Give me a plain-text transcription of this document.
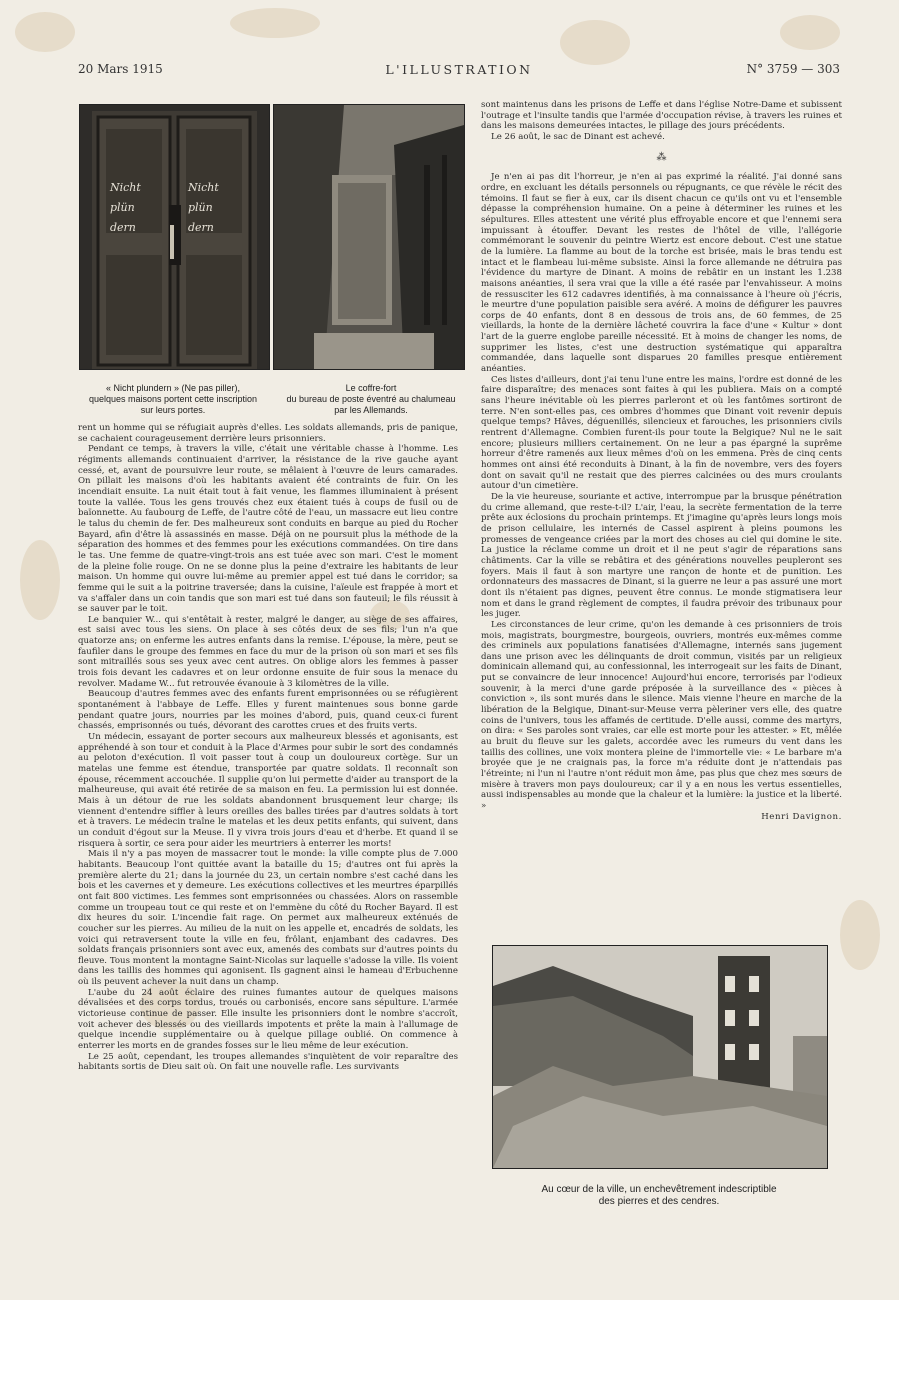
20 Mars 1915	L'ILLUSTRATION	N° 3759 — 303
Nicht
plün
dern
Nicht
plün
dern
« Nicht plundern » (Ne pas piller),
quelques maisons portent cette inscription
sur leurs portes.
Le coffre-fort
du bureau de poste éventré au chalumeau
par les Allemands.

rent un homme qui se réfugiait auprès d'elles. Les soldats allemands, pris de panique, se cachaient courageusement derrière leurs prisonniers.

Pendant ce temps, à travers la ville, c'était une véritable chasse à l'homme. Les régiments allemands continuaient d'arriver, la résistance de la rive gauche ayant cessé, et, avant de poursuivre leur route, se mêlaient à l'œuvre de leurs camarades. On pillait les maisons d'où les habitants avaient été contraints de fuir. On les incendiait ensuite. La nuit était tout à fait venue, les flammes illuminaient à présent toute la vallée. Tous les gens trouvés chez eux étaient tués à coups de fusil ou de baïonnette. Au faubourg de Leffe, de l'autre côté de l'eau, un massacre eut lieu contre le talus du chemin de fer. Des malheureux sont conduits en barque au pied du Rocher Bayard, afin d'être là assassinés en masse. Déjà on ne poursuit plus la méthode de la séparation des hommes et des femmes pour les exécutions commandées. On tire dans le tas. Une femme de quatre-vingt-trois ans est tuée avec son mari. C'est le moment de la pleine folie rouge. On ne se donne plus la peine d'extraire les habitants de leur maison. Un homme qui ouvre lui-même au premier appel est tué dans le corridor; sa femme qui le suit a la poitrine traversée; dans la cuisine, l'aïeule est frappée à mort et va s'affaler dans un coin tandis que son mari est tué dans son fauteuil; le fils réussit à se sauver par le toit.

Le banquier W... qui s'entêtait à rester, malgré le danger, au siège de ses affaires, est saisi avec tous les siens. On place à ses côtés deux de ses fils; l'un n'a que quatorze ans; on enferme les autres enfants dans la remise. L'épouse, la mère, peut se faufiler dans le groupe des femmes en face du mur de la prison où son mari et ses fils sont mitraillés sous ses yeux avec cent autres. On oblige alors les femmes à passer trois fois devant les cadavres et on leur ordonne ensuite de fuir sous la menace du revolver. Madame W... fut retrouvée évanouie à 3 kilomètres de la ville.

Beaucoup d'autres femmes avec des enfants furent emprisonnées ou se réfugièrent spontanément à l'abbaye de Leffe. Elles y furent maintenues sous bonne garde pendant quatre jours, nourries par les moines d'abord, puis, quand ceux-ci furent chassés, emprisonnés ou tués, dévorant des carottes crues et des fruits verts.

Un médecin, essayant de porter secours aux malheureux blessés et agonisants, est appréhendé à son tour et conduit à la Place d'Armes pour subir le sort des condamnés au peloton d'exécution. Il voit passer tout à coup un douloureux cortège. Sur un matelas une femme est étendue, transportée par quatre soldats. Il reconnaît son épouse, récemment accouchée. Il supplie qu'on lui permette d'aider au transport de la malheureuse, qui avait été retirée de sa maison en feu. La permission lui est donnée. Mais à un détour de rue les soldats abandonnent brusquement leur charge; ils viennent d'entendre siffler à leurs oreilles des balles tirées par d'autres soldats à tort et à travers. Le médecin traîne le matelas et les deux petits enfants, qui suivent, dans un conduit d'égout sur la Meuse. Il y vivra trois jours d'eau et d'herbe. Et quand il se risquera à sortir, ce sera pour aider les meurtriers à enterrer les morts!

Mais il n'y a pas moyen de massacrer tout le monde: la ville compte plus de 7.000 habitants. Beaucoup l'ont quittée avant la bataille du 15; d'autres ont fui après la première alerte du 21; dans la journée du 23, un certain nombre s'est caché dans les bois et les cavernes et y demeure. Les exécutions collectives et les meurtres éparpillés ont fait 800 victimes. Les femmes sont emprisonnées ou chassées. Alors on rassemble comme un troupeau tout ce qui reste et on l'emmène du côté du Rocher Bayard. Il est dix heures du soir. L'incendie fait rage. On permet aux malheureux exténués de coucher sur les pierres. Au milieu de la nuit on les appelle et, encadrés de soldats, les voici qui retraversent toute la ville en feu, frôlant, enjambant des cadavres. Des soldats français prisonniers sont avec eux, amenés des combats sur d'autres points du fleuve. Tous montent la montagne Saint-Nicolas sur laquelle s'adosse la ville. Ils voient dans les taillis des hommes qui agonisent. Ils gagnent ainsi le hameau d'Erbuchenne où ils peuvent achever la nuit dans un champ.

L'aube du 24 août éclaire des ruines fumantes autour de quelques maisons dévalisées et des corps tordus, troués ou carbonisés, encore sans sépulture. L'armée victorieuse continue de passer. Elle insulte les prisonniers dont le nombre s'accroît, voit achever des blessés ou des vieillards impotents et prête la main à l'allumage de quelque incendie supplémentaire ou à quelque pillage oublié. On commence à enterrer les morts en de grandes fosses sur le lieu même de leur exécution.

Le 25 août, cependant, les troupes allemandes s'inquiètent de voir reparaître des habitants sortis de Dieu sait où. On fait une nouvelle rafle. Les survivants

sont maintenus dans les prisons de Leffe et dans l'église Notre-Dame et subissent l'outrage et l'insulte tandis que l'armée d'occupation révise, à travers les ruines et dans les maisons demeurées intactes, le pillage des jours précédents.

Le 26 août, le sac de Dinant est achevé.

⁂

Je n'en ai pas dit l'horreur, je n'en ai pas exprimé la réalité. J'ai donné sans ordre, en excluant les détails personnels ou répugnants, ce que révèle le récit des témoins. Il faut se fier à eux, car ils disent chacun ce qu'ils ont vu et l'ensemble dépasse la compréhension humaine. On a peine à déterminer les ruines et les sépultures. Elles attestent une vérité plus effroyable encore et que l'ennemi sera impuissant à étouffer. Devant les restes de l'hôtel de ville, l'allégorie commémorant le souvenir du peintre Wiertz est encore debout. C'est une statue de la lumière. La flamme au bout de la torche est brisée, mais le bras tendu est intact et le flambeau lui-même subsiste. Ainsi la force allemande ne détruira pas l'évidence du martyre de Dinant. A moins de rebâtir en un instant les 1.238 maisons anéanties, il sera vrai que la ville a été rasée par l'envahisseur. A moins de ressusciter les 612 cadavres identifiés, à ma connaissance à l'heure où j'écris, le meurtre d'une population paisible sera avéré. A moins de défigurer les pauvres corps de 40 enfants, dont 8 en dessous de trois ans, de 60 femmes, de 25 vieillards, la honte de la dernière lâcheté couvrira la face d'une « Kultur » dont l'art de la guerre englobe pareille nécessité. Et à moins de changer les noms, de supprimer les listes, c'est une destruction systématique qui apparaîtra commandée, dans laquelle sont disparues 20 familles presque entièrement anéanties.

Ces listes d'ailleurs, dont j'ai tenu l'une entre les mains, l'ordre est donné de les faire disparaître; des menaces sont faites à qui les publiera. Mais on a compté sans l'heure inévitable où les pierres parleront et où les fantômes sortiront de terre. N'en sont-elles pas, ces ombres d'hommes que Dinant voit revenir depuis quelque temps? Hâves, déguenillés, silencieux et farouches, les prisonniers civils rentrent d'Allemagne. Combien furent-ils pour toute la Belgique? Nul ne le sait encore; plusieurs milliers certainement. On ne leur a pas épargné la suprême horreur d'être ramenés aux lieux mêmes d'où on les emmena. Près de cinq cents hommes ont ainsi été reconduits à Dinant, à la fin de novembre, vers des foyers dont on savait qu'il ne restait que des pierres calcinées ou des murs croulants autour d'un cimetière.

De la vie heureuse, souriante et active, interrompue par la brusque pénétration du crime allemand, que reste-t-il? L'air, l'eau, la secrète fermentation de la terre prête aux éclosions du prochain printemps. Et j'imagine qu'après leurs longs mois de prison cellulaire, les internés de Cassel aspirent à pleins poumons les promesses de vengeance criées par la mort des choses au ciel qui domine le site. La justice la réclame comme un droit et il ne peut s'agir de réparations sans châtiments. Car la ville se rebâtira et des générations nouvelles peupleront ses foyers. Mais il faut à son martyre une rançon de honte et de punition. Les ordonnateurs des massacres de Dinant, si la guerre ne leur a pas assuré une mort dont ils n'étaient pas dignes, peuvent être connus. Le monde stigmatisera leur nom et dans le grand règlement de comptes, il faudra prévoir des tribunaux pour les juger.

Les circonstances de leur crime, qu'on les demande à ces prisonniers de trois mois, magistrats, bourgmestre, bourgeois, ouvriers, montrés eux-mêmes comme des criminels aux populations fanatisées d'Allemagne, internés sans jugement dans une prison avec les délinquants de droit commun, visités par un religieux dominicain allemand qui, au confessionnal, les interrogeait sur les faits de Dinant, put se convaincre de leur innocence! Aujourd'hui encore, terrorisés par l'odieux souvenir, à la merci d'une garde préposée à la surveillance des « pièces à conviction », ils sont murés dans le silence. Mais vienne l'heure en marche de la libération de la Belgique, Dinant-sur-Meuse verra pèleriner vers elle, des quatre coins de l'univers, tous les affamés de certitude. D'elle aussi, comme des martyrs, on dira: « Ses paroles sont vraies, car elle est morte pour les attester. » Et, mêlée au bruit du fleuve sur les galets, accordée avec les rumeurs du vent dans les taillis des collines, une voix montera pleine de l'immortelle vie: « Le barbare m'a broyée que je ne craignais pas, la force m'a réduite dont je n'attendais pas l'étreinte; ni l'un ni l'autre n'ont réduit mon âme, pas plus que chez mes sœurs de misère à travers mon pays douloureux; car il y a en nous les vertus essentielles, aussi indispensables au monde que la chaleur et la lumière: la justice et la liberté. »

Henri Davignon.
Au cœur de la ville, un enchevêtrement indescriptible
des pierres et des cendres.
